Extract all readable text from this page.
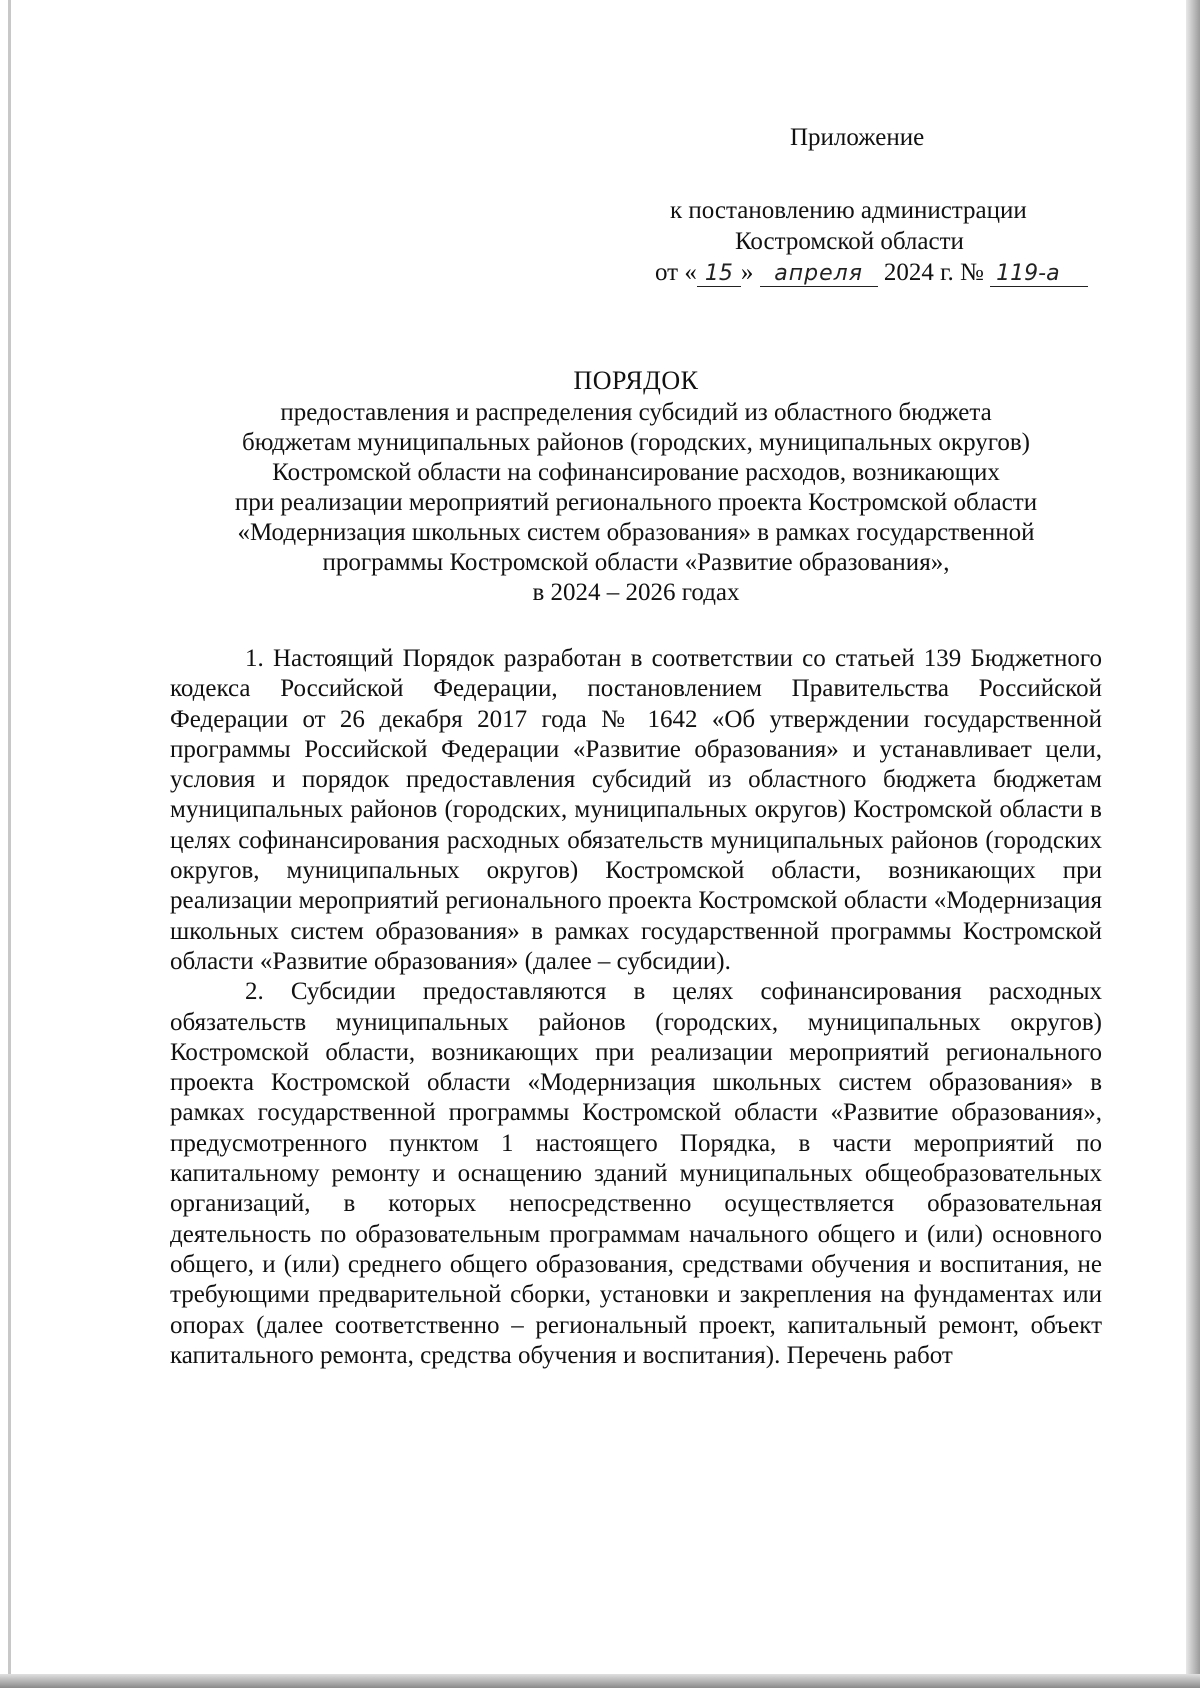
Приложение
к постановлению администрации
Костромской области
от « 15 » апреля 2024 г. № 119-а
ПОРЯДОК
предоставления и распределения субсидий из областного бюджета
бюджетам муниципальных районов (городских, муниципальных округов)
Костромской области на софинансирование расходов, возникающих
при реализации мероприятий регионального проекта Костромской области
«Модернизация школьных систем образования» в рамках государственной
программы Костромской области «Развитие образования»,
в 2024 – 2026 годах

1. Настоящий Порядок разработан в соответствии со статьей 139 Бюджетного кодекса Российской Федерации, постановлением Правительства Российской Федерации от 26 декабря 2017 года № 1642 «Об утверждении государственной программы Российской Федерации «Развитие образования» и устанавливает цели, условия и порядок предоставления субсидий из областного бюджета бюджетам муниципальных районов (городских, муниципальных округов) Костромской области в целях софинансирования расходных обязательств муниципальных районов (городских округов, муниципальных округов) Костромской области, возникающих при реализации мероприятий регионального проекта Костромской области «Модернизация школьных систем образования» в рамках государственной программы Костромской области «Развитие образования» (далее – субсидии).

2. Субсидии предоставляются в целях софинансирования расходных обязательств муниципальных районов (городских, муниципальных округов) Костромской области, возникающих при реализации мероприятий регионального проекта Костромской области «Модернизация школьных систем образования» в рамках государственной программы Костромской области «Развитие образования», предусмотренного пунктом 1 настоящего Порядка, в части мероприятий по капитальному ремонту и оснащению зданий муниципальных общеобразовательных организаций, в которых непосредственно осуществляется образовательная деятельность по образовательным программам начального общего и (или) основного общего, и (или) среднего общего образования, средствами обучения и воспитания, не требующими предварительной сборки, установки и закрепления на фундаментах или опорах (далее соответственно – региональный проект, капитальный ремонт, объект капитального ремонта, средства обучения и воспитания). Перечень работ
